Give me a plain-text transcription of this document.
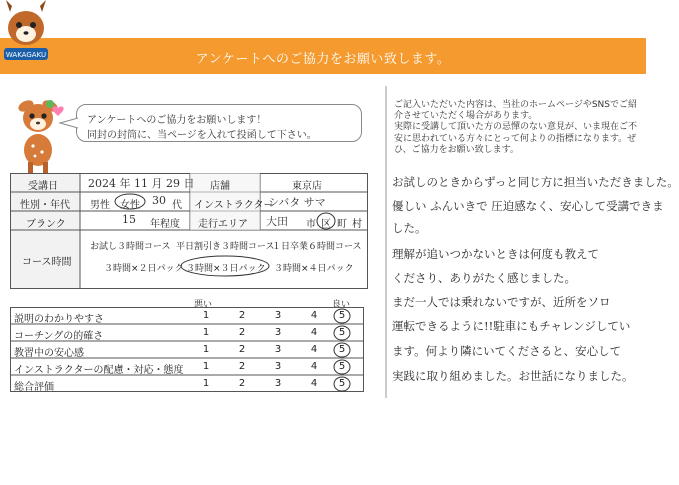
アンケートへのご協力をお願い致します。
WAKAGAKU
アンケートへのご協力をお願いします！
同封の封筒に、当ページを入れて投函して下さい。
受講日	2024 年 11 月 29 日 店舗	東京店
性別・年代 男性 女性 30 代 インストラクター
シバタ サマ
ブランク	15 年程度 走行エリア 大田 市 区 町 村
コース時間
お試し３時間コース 平日割引き３時間コース
１日卒業６時間コース
３時間×２日パック ３時間×３日パック ３時間×４日パック
悪い	良い
説明のわかりやすさ	1	2	3	4	5
コーチングの的確さ	1	2	3	4	5
教習中の安心感	1	2	3	4	5
インストラクターの配慮・対応・態度	1	2	3	4	5
総合評価	1	2	3	4	5
ご記入いただいた内容は、当社のホームページやSNSでご紹
介させていただく場合があります。
実際に受講して頂いた方の忌憚のない意見が、いま現在ご不
安に思われている方々にとって何よりの指標になります。ぜ
ひ、ご協力をお願い致します。
お試しのときからずっと同じ方に担当いただきました。
優しい ふんいきで 圧迫感なく、安心して受講できま
した。
理解が追いつかないときは何度も教えて
くださり、ありがたく感じました。
まだ一人では乗れないですが、近所をソロ
運転できるように!!駐車にもチャレンジしてい
ます。何より隣にいてくださると、安心して
実践に取り組めました。お世話になりました。
